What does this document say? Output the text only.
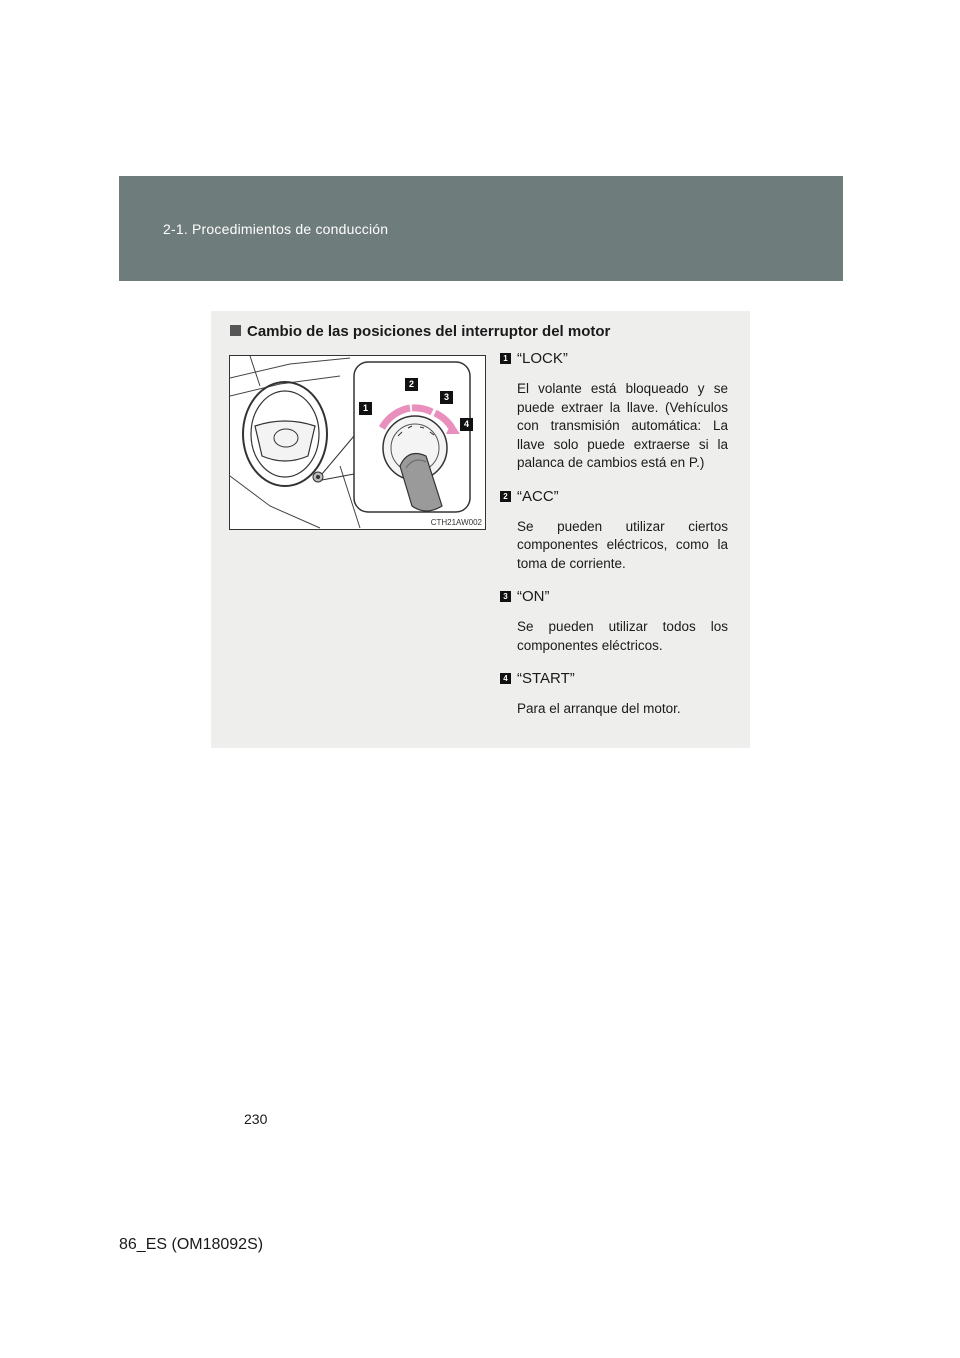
2-1. Procedimientos de conducción
Cambio de las posiciones del interruptor del motor
1
2
3
4
CTH21AW002
1 “LOCK”
El volante está bloqueado y se puede extraer la llave. (Vehículos con transmisión automática: La llave solo puede extraerse si la palanca de cambios está en P.)
2 “ACC”
Se pueden utilizar ciertos componentes eléctricos, como la toma de corriente.
3 “ON”
Se pueden utilizar todos los componentes eléctricos.
4 “START”
Para el arranque del motor.
230
86_ES (OM18092S)
